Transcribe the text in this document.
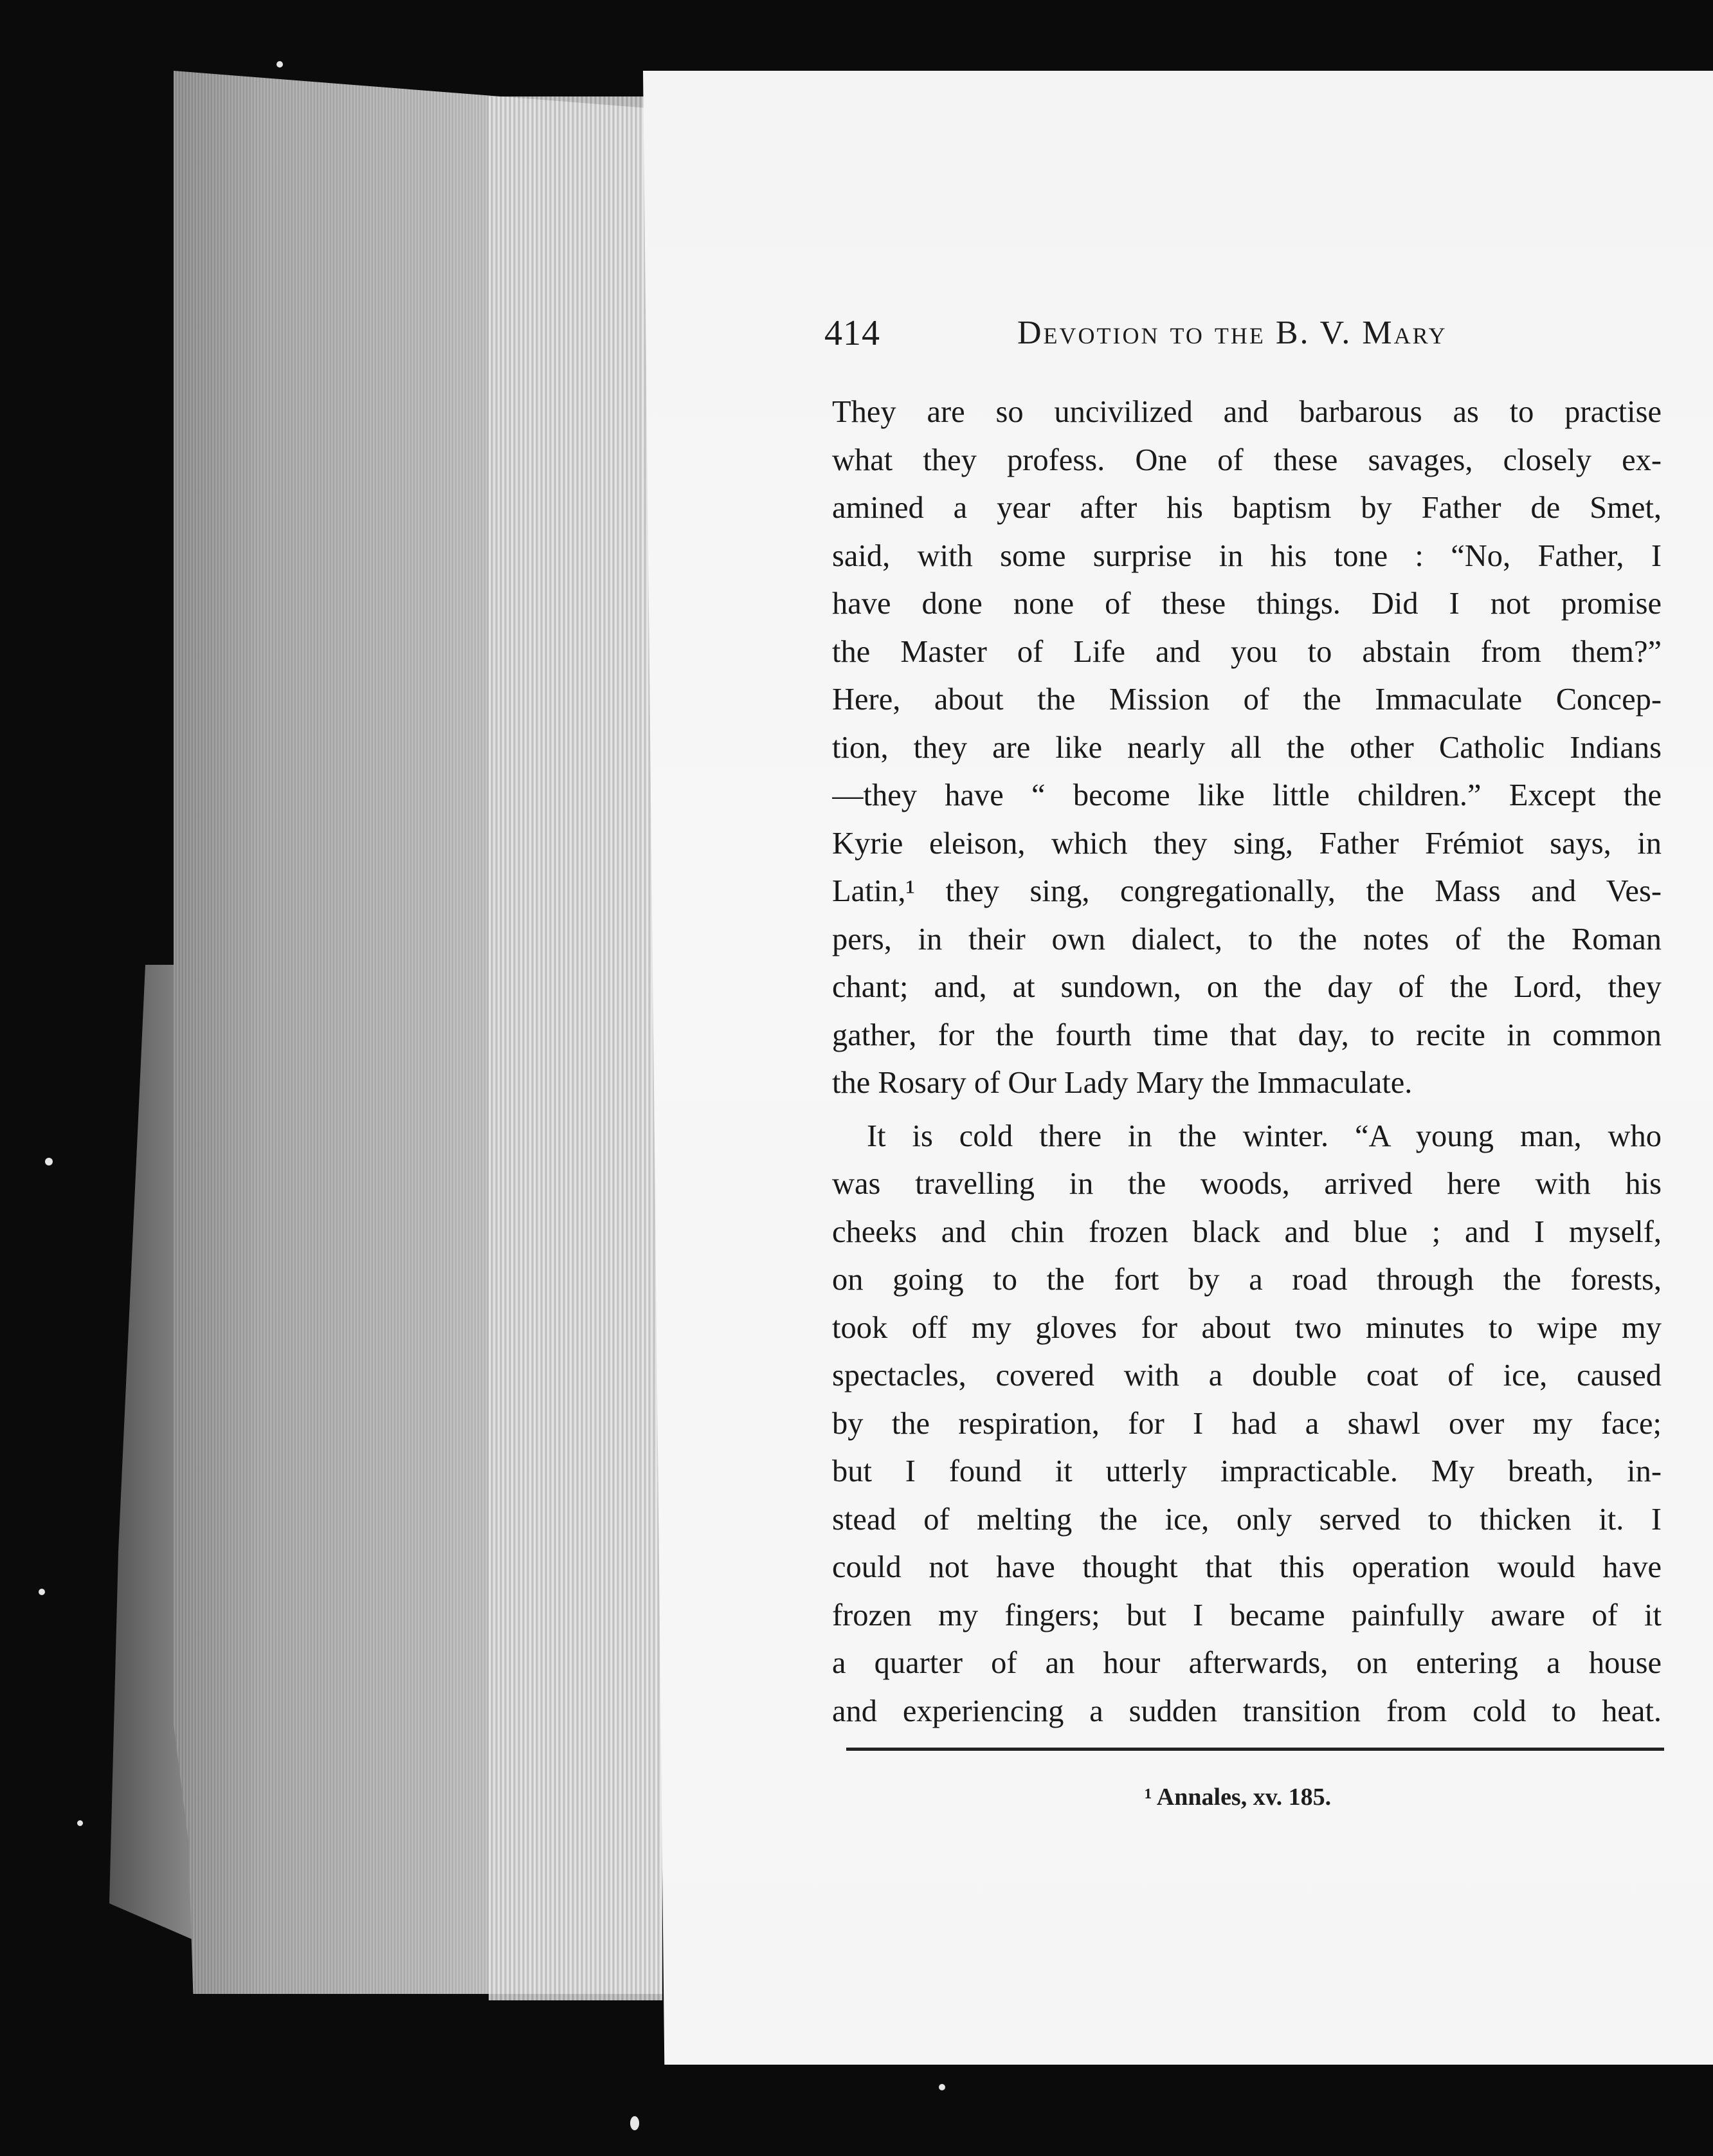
414	Devotion to the B. V. Mary
They are so uncivilized and barbarous as to practise
what they profess. One of these savages, closely ex-
amined a year after his baptism by Father de Smet,
said, with some surprise in his tone : “No, Father, I
have done none of these things. Did I not promise
the Master of Life and you to abstain from them?”
Here, about the Mission of the Immaculate Concep-
tion, they are like nearly all the other Catholic Indians
—they have “ become like little children.” Except the
Kyrie eleison, which they sing, Father Frémiot says, in
Latin,¹ they sing, congregationally, the Mass and Ves-
pers, in their own dialect, to the notes of the Roman
chant; and, at sundown, on the day of the Lord, they
gather, for the fourth time that day, to recite in common
the Rosary of Our Lady Mary the Immaculate.
It is cold there in the winter. “A young man, who
was travelling in the woods, arrived here with his
cheeks and chin frozen black and blue ; and I myself,
on going to the fort by a road through the forests,
took off my gloves for about two minutes to wipe my
spectacles, covered with a double coat of ice, caused
by the respiration, for I had a shawl over my face;
but I found it utterly impracticable. My breath, in-
stead of melting the ice, only served to thicken it. I
could not have thought that this operation would have
frozen my fingers; but I became painfully aware of it
a quarter of an hour afterwards, on entering a house
and experiencing a sudden transition from cold to heat.
¹ Annales, xv. 185.
